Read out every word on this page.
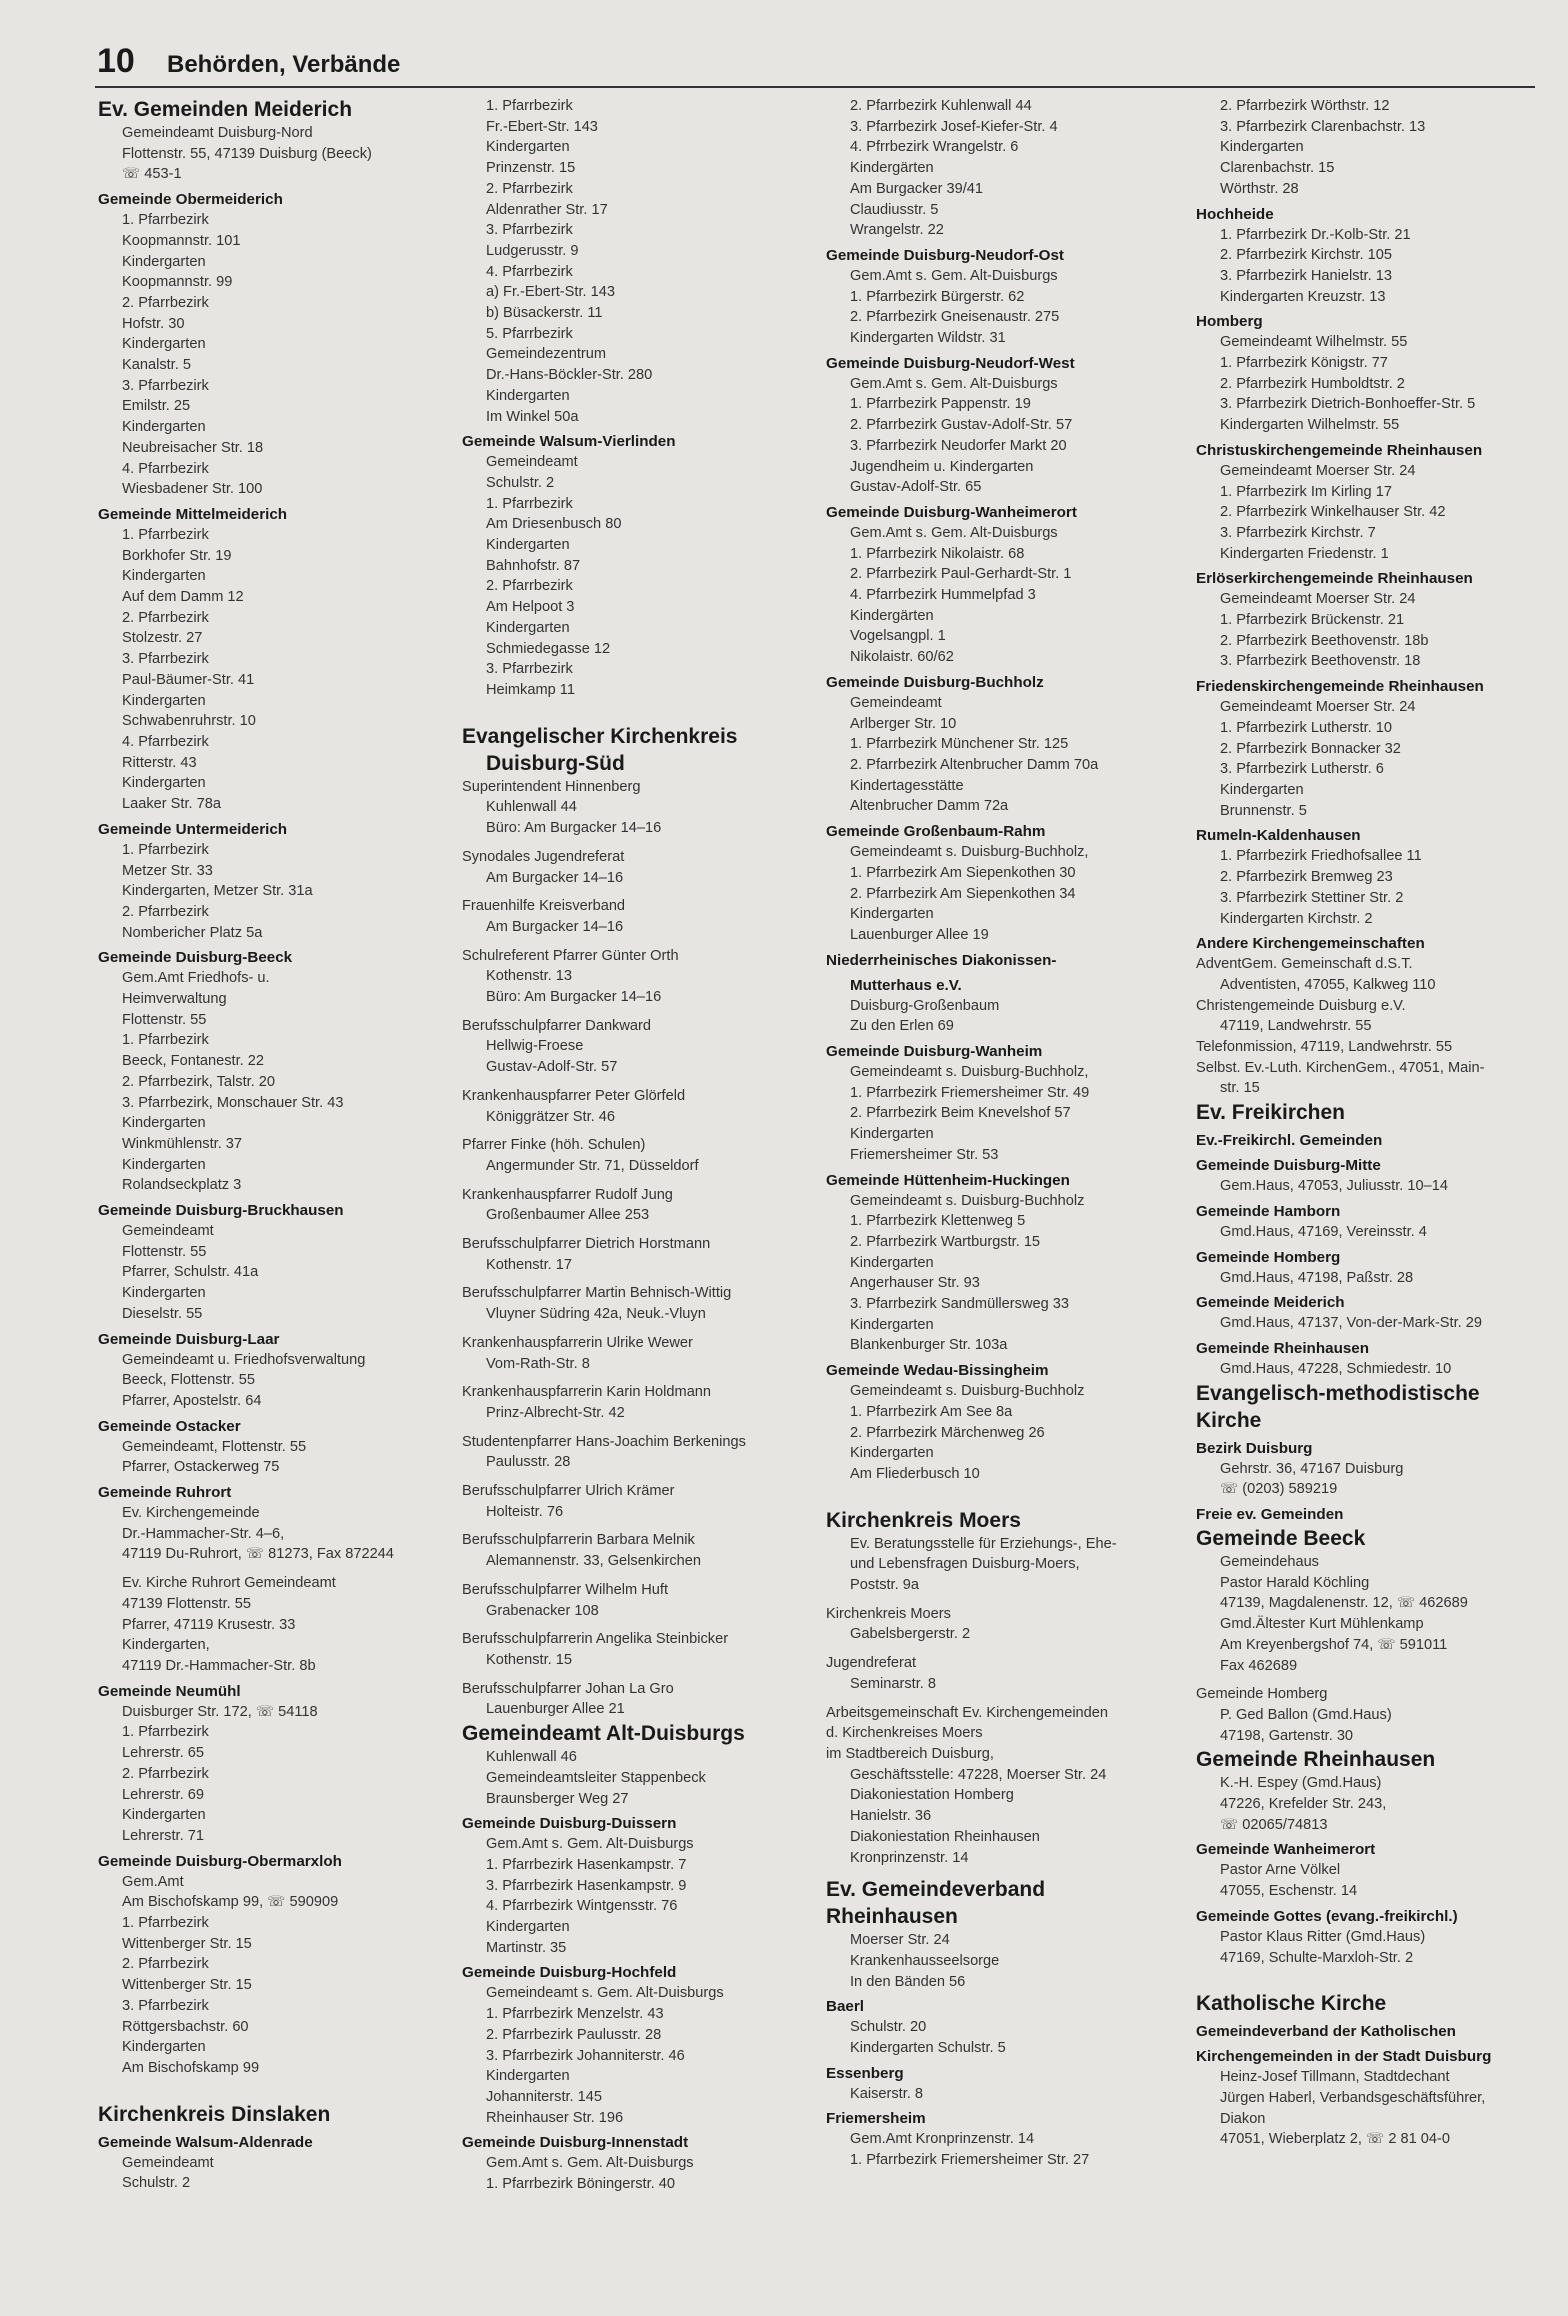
10 Behörden, Verbände
Ev. Gemeinden Meiderich
Gemeindeamt Duisburg-Nord
Flottenstr. 55, 47139 Duisburg (Beeck)
☏ 453-1
Gemeinde Obermeiderich
1. Pfarrbezirk
Koopmannstr. 101
Kindergarten
Koopmannstr. 99
2. Pfarrbezirk
Hofstr. 30
Kindergarten
Kanalstr. 5
3. Pfarrbezirk
Emilstr. 25
Kindergarten
Neubreisacher Str. 18
4. Pfarrbezirk
Wiesbadener Str. 100
Gemeinde Mittelmeiderich
1. Pfarrbezirk
Borkhofer Str. 19
Kindergarten
Auf dem Damm 12
2. Pfarrbezirk
Stolzestr. 27
3. Pfarrbezirk
Paul-Bäumer-Str. 41
Kindergarten
Schwabenruhrstr. 10
4. Pfarrbezirk
Ritterstr. 43
Kindergarten
Laaker Str. 78a
Gemeinde Untermeiderich
1. Pfarrbezirk
Metzer Str. 33
Kindergarten, Metzer Str. 31a
2. Pfarrbezirk
Nombericher Platz 5a
Gemeinde Duisburg-Beeck
Gem.Amt Friedhofs- u.
Heimverwaltung
Flottenstr. 55
1. Pfarrbezirk
Beeck, Fontanestr. 22
2. Pfarrbezirk, Talstr. 20
3. Pfarrbezirk, Monschauer Str. 43
Kindergarten
Winkmühlenstr. 37
Kindergarten
Rolandseckplatz 3
Gemeinde Duisburg-Bruckhausen
Gemeindeamt
Flottenstr. 55
Pfarrer, Schulstr. 41a
Kindergarten
Dieselstr. 55
Gemeinde Duisburg-Laar
Gemeindeamt u. Friedhofsverwaltung
Beeck, Flottenstr. 55
Pfarrer, Apostelstr. 64
Gemeinde Ostacker
Gemeindeamt, Flottenstr. 55
Pfarrer, Ostackerweg 75
Gemeinde Ruhrort
Ev. Kirchengemeinde
Dr.-Hammacher-Str. 4–6,
47119 Du-Ruhrort, ☏ 81273, Fax 872244
Ev. Kirche Ruhrort Gemeindeamt
47139 Flottenstr. 55
Pfarrer, 47119 Krusestr. 33
Kindergarten,
47119 Dr.-Hammacher-Str. 8b
Gemeinde Neumühl
Duisburger Str. 172, ☏ 54118
1. Pfarrbezirk
Lehrerstr. 65
2. Pfarrbezirk
Lehrerstr. 69
Kindergarten
Lehrerstr. 71
Gemeinde Duisburg-Obermarxloh
Gem.Amt
Am Bischofskamp 99, ☏ 590909
1. Pfarrbezirk
Wittenberger Str. 15
2. Pfarrbezirk
Wittenberger Str. 15
3. Pfarrbezirk
Röttgersbachstr. 60
Kindergarten
Am Bischofskamp 99
Kirchenkreis Dinslaken
Gemeinde Walsum-Aldenrade
Gemeindeamt
Schulstr. 2
1. Pfarrbezirk
Fr.-Ebert-Str. 143
Kindergarten
Prinzenstr. 15
2. Pfarrbezirk
Aldenrather Str. 17
3. Pfarrbezirk
Ludgerusstr. 9
4. Pfarrbezirk
a) Fr.-Ebert-Str. 143
b) Büsackerstr. 11
5. Pfarrbezirk
Gemeindezentrum
Dr.-Hans-Böckler-Str. 280
Kindergarten
Im Winkel 50a
Gemeinde Walsum-Vierlinden
Gemeindeamt
Schulstr. 2
1. Pfarrbezirk
Am Driesenbusch 80
Kindergarten
Bahnhofstr. 87
2. Pfarrbezirk
Am Helpoot 3
Kindergarten
Schmiedegasse 12
3. Pfarrbezirk
Heimkamp 11
Evangelischer Kirchenkreis
Duisburg-Süd
Superintendent Hinnenberg
Kuhlenwall 44
Büro: Am Burgacker 14–16
Synodales Jugendreferat
Am Burgacker 14–16
Frauenhilfe Kreisverband
Am Burgacker 14–16
Schulreferent Pfarrer Günter Orth
Kothenstr. 13
Büro: Am Burgacker 14–16
Berufsschulpfarrer Dankward
Hellwig-Froese
Gustav-Adolf-Str. 57
Krankenhauspfarrer Peter Glörfeld
Königgrätzer Str. 46
Pfarrer Finke (höh. Schulen)
Angermunder Str. 71, Düsseldorf
Krankenhauspfarrer Rudolf Jung
Großenbaumer Allee 253
Berufsschulpfarrer Dietrich Horstmann
Kothenstr. 17
Berufsschulpfarrer Martin Behnisch-Wittig
Vluyner Südring 42a, Neuk.-Vluyn
Krankenhauspfarrerin Ulrike Wewer
Vom-Rath-Str. 8
Krankenhauspfarrerin Karin Holdmann
Prinz-Albrecht-Str. 42
Studentenpfarrer Hans-Joachim Berkenings
Paulusstr. 28
Berufsschulpfarrer Ulrich Krämer
Holteistr. 76
Berufsschulpfarrerin Barbara Melnik
Alemannenstr. 33, Gelsenkirchen
Berufsschulpfarrer Wilhelm Huft
Grabenacker 108
Berufsschulpfarrerin Angelika Steinbicker
Kothenstr. 15
Berufsschulpfarrer Johan La Gro
Lauenburger Allee 21
Gemeindeamt Alt-Duisburgs
Kuhlenwall 46
Gemeindeamtsleiter Stappenbeck
Braunsberger Weg 27
Gemeinde Duisburg-Duissern
Gem.Amt s. Gem. Alt-Duisburgs
1. Pfarrbezirk Hasenkampstr. 7
3. Pfarrbezirk Hasenkampstr. 9
4. Pfarrbezirk Wintgensstr. 76
Kindergarten
Martinstr. 35
Gemeinde Duisburg-Hochfeld
Gemeindeamt s. Gem. Alt-Duisburgs
1. Pfarrbezirk Menzelstr. 43
2. Pfarrbezirk Paulusstr. 28
3. Pfarrbezirk Johanniterstr. 46
Kindergarten
Johanniterstr. 145
Rheinhauser Str. 196
Gemeinde Duisburg-Innenstadt
Gem.Amt s. Gem. Alt-Duisburgs
1. Pfarrbezirk Böningerstr. 40
2. Pfarrbezirk Kuhlenwall 44
3. Pfarrbezirk Josef-Kiefer-Str. 4
4. Pfrrbezirk Wrangelstr. 6
Kindergärten
Am Burgacker 39/41
Claudiusstr. 5
Wrangelstr. 22
Gemeinde Duisburg-Neudorf-Ost
Gem.Amt s. Gem. Alt-Duisburgs
1. Pfarrbezirk Bürgerstr. 62
2. Pfarrbezirk Gneisenaustr. 275
Kindergarten Wildstr. 31
Gemeinde Duisburg-Neudorf-West
Gem.Amt s. Gem. Alt-Duisburgs
1. Pfarrbezirk Pappenstr. 19
2. Pfarrbezirk Gustav-Adolf-Str. 57
3. Pfarrbezirk Neudorfer Markt 20
Jugendheim u. Kindergarten
Gustav-Adolf-Str. 65
Gemeinde Duisburg-Wanheimerort
Gem.Amt s. Gem. Alt-Duisburgs
1. Pfarrbezirk Nikolaistr. 68
2. Pfarrbezirk Paul-Gerhardt-Str. 1
4. Pfarrbezirk Hummelpfad 3
Kindergärten
Vogelsangpl. 1
Nikolaistr. 60/62
Gemeinde Duisburg-Buchholz
Gemeindeamt
Arlberger Str. 10
1. Pfarrbezirk Münchener Str. 125
2. Pfarrbezirk Altenbrucher Damm 70a
Kindertagesstätte
Altenbrucher Damm 72a
Gemeinde Großenbaum-Rahm
Gemeindeamt s. Duisburg-Buchholz,
1. Pfarrbezirk Am Siepenkothen 30
2. Pfarrbezirk Am Siepenkothen 34
Kindergarten
Lauenburger Allee 19
Niederrheinisches Diakonissen-
Mutterhaus e.V.
Duisburg-Großenbaum
Zu den Erlen 69
Gemeinde Duisburg-Wanheim
Gemeindeamt s. Duisburg-Buchholz,
1. Pfarrbezirk Friemersheimer Str. 49
2. Pfarrbezirk Beim Knevelshof 57
Kindergarten
Friemersheimer Str. 53
Gemeinde Hüttenheim-Huckingen
Gemeindeamt s. Duisburg-Buchholz
1. Pfarrbezirk Klettenweg 5
2. Pfarrbezirk Wartburgstr. 15
Kindergarten
Angerhauser Str. 93
3. Pfarrbezirk Sandmüllersweg 33
Kindergarten
Blankenburger Str. 103a
Gemeinde Wedau-Bissingheim
Gemeindeamt s. Duisburg-Buchholz
1. Pfarrbezirk Am See 8a
2. Pfarrbezirk Märchenweg 26
Kindergarten
Am Fliederbusch 10
Kirchenkreis Moers
Ev. Beratungsstelle für Erziehungs-, Ehe-
und Lebensfragen Duisburg-Moers,
Poststr. 9a
Kirchenkreis Moers
Gabelsbergerstr. 2
Jugendreferat
Seminarstr. 8
Arbeitsgemeinschaft Ev. Kirchengemeinden
d. Kirchenkreises Moers
im Stadtbereich Duisburg,
Geschäftsstelle: 47228, Moerser Str. 24
Diakoniestation Homberg
Hanielstr. 36
Diakoniestation Rheinhausen
Kronprinzenstr. 14
Ev. Gemeindeverband
Rheinhausen
Moerser Str. 24
Krankenhausseelsorge
In den Bänden 56
Baerl
Schulstr. 20
Kindergarten Schulstr. 5
Essenberg
Kaiserstr. 8
Friemersheim
Gem.Amt Kronprinzenstr. 14
1. Pfarrbezirk Friemersheimer Str. 27
2. Pfarrbezirk Wörthstr. 12
3. Pfarrbezirk Clarenbachstr. 13
Kindergarten
Clarenbachstr. 15
Wörthstr. 28
Hochheide
1. Pfarrbezirk Dr.-Kolb-Str. 21
2. Pfarrbezirk Kirchstr. 105
3. Pfarrbezirk Hanielstr. 13
Kindergarten Kreuzstr. 13
Homberg
Gemeindeamt Wilhelmstr. 55
1. Pfarrbezirk Königstr. 77
2. Pfarrbezirk Humboldtstr. 2
3. Pfarrbezirk Dietrich-Bonhoeffer-Str. 5
Kindergarten Wilhelmstr. 55
Christuskirchengemeinde Rheinhausen
Gemeindeamt Moerser Str. 24
1. Pfarrbezirk Im Kirling 17
2. Pfarrbezirk Winkelhauser Str. 42
3. Pfarrbezirk Kirchstr. 7
Kindergarten Friedenstr. 1
Erlöserkirchengemeinde Rheinhausen
Gemeindeamt Moerser Str. 24
1. Pfarrbezirk Brückenstr. 21
2. Pfarrbezirk Beethovenstr. 18b
3. Pfarrbezirk Beethovenstr. 18
Friedenskirchengemeinde Rheinhausen
Gemeindeamt Moerser Str. 24
1. Pfarrbezirk Lutherstr. 10
2. Pfarrbezirk Bonnacker 32
3. Pfarrbezirk Lutherstr. 6
Kindergarten
Brunnenstr. 5
Rumeln-Kaldenhausen
1. Pfarrbezirk Friedhofsallee 11
2. Pfarrbezirk Bremweg 23
3. Pfarrbezirk Stettiner Str. 2
Kindergarten Kirchstr. 2
Andere Kirchengemeinschaften
AdventGem. Gemeinschaft d.S.T.
Adventisten, 47055, Kalkweg 110
Christengemeinde Duisburg e.V.
47119, Landwehrstr. 55
Telefonmission, 47119, Landwehrstr. 55
Selbst. Ev.-Luth. KirchenGem., 47051, Main-
str. 15
Ev. Freikirchen
Ev.-Freikirchl. Gemeinden
Gemeinde Duisburg-Mitte
Gem.Haus, 47053, Juliusstr. 10–14
Gemeinde Hamborn
Gmd.Haus, 47169, Vereinsstr. 4
Gemeinde Homberg
Gmd.Haus, 47198, Paßstr. 28
Gemeinde Meiderich
Gmd.Haus, 47137, Von-der-Mark-Str. 29
Gemeinde Rheinhausen
Gmd.Haus, 47228, Schmiedestr. 10
Evangelisch-methodistische
Kirche
Bezirk Duisburg
Gehrstr. 36, 47167 Duisburg
☏ (0203) 589219
Freie ev. Gemeinden
Gemeinde Beeck
Gemeindehaus
Pastor Harald Köchling
47139, Magdalenenstr. 12, ☏ 462689
Gmd.Ältester Kurt Mühlenkamp
Am Kreyenbergshof 74, ☏ 591011
Fax 462689
Gemeinde Homberg
P. Ged Ballon (Gmd.Haus)
47198, Gartenstr. 30
Gemeinde Rheinhausen
K.-H. Espey (Gmd.Haus)
47226, Krefelder Str. 243,
☏ 02065/74813
Gemeinde Wanheimerort
Pastor Arne Völkel
47055, Eschenstr. 14
Gemeinde Gottes (evang.-freikirchl.)
Pastor Klaus Ritter (Gmd.Haus)
47169, Schulte-Marxloh-Str. 2
Katholische Kirche
Gemeindeverband der Katholischen
Kirchengemeinden in der Stadt Duisburg
Heinz-Josef Tillmann, Stadtdechant
Jürgen Haberl, Verbandsgeschäftsführer,
Diakon
47051, Wieberplatz 2, ☏ 2 81 04-0
